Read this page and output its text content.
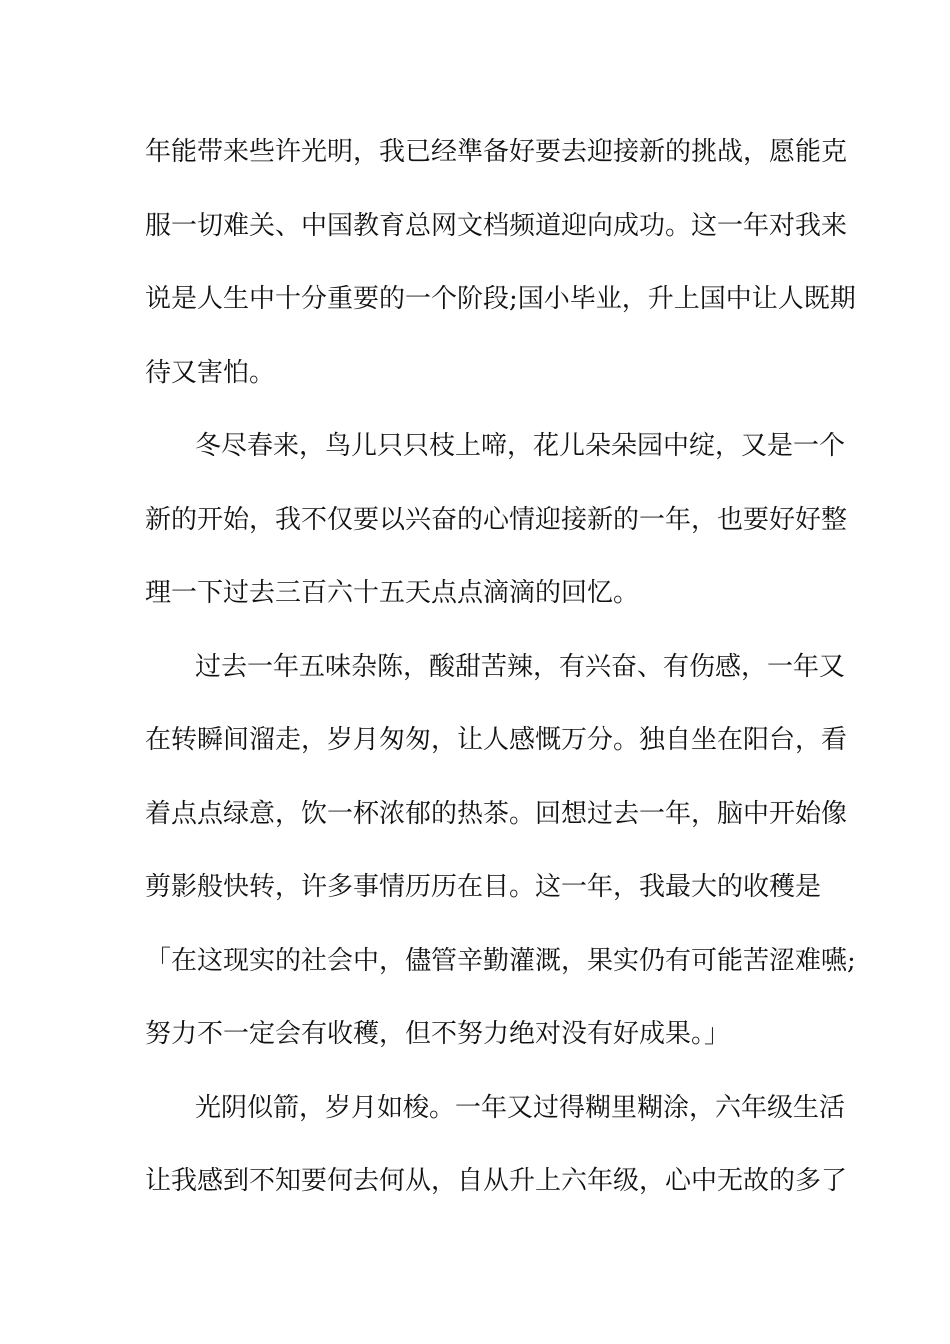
年能带来些许光明，我已经準备好要去迎接新的挑战，愿能克
服一切难关、中国教育总网文档频道迎向成功。这一年对我来
说是人生中十分重要的一个阶段;国小毕业，升上国中让人既期
待又害怕。
冬尽春来，鸟儿只只枝上啼，花儿朵朵园中绽，又是一个
新的开始，我不仅要以兴奋的心情迎接新的一年，也要好好整
理一下过去三百六十五天点点滴滴的回忆。
过去一年五味杂陈，酸甜苦辣，有兴奋、有伤感，一年又
在转瞬间溜走，岁月匆匆，让人感慨万分。独自坐在阳台，看
着点点绿意，饮一杯浓郁的热茶。回想过去一年，脑中开始像
剪影般快转，许多事情历历在目。这一年，我最大的收穫是
「在这现实的社会中，儘管辛勤灌溉，果实仍有可能苦涩难嚥;
努力不一定会有收穫，但不努力绝对没有好成果。」
光阴似箭，岁月如梭。一年又过得糊里糊涂，六年级生活
让我感到不知要何去何从，自从升上六年级，心中无故的多了
